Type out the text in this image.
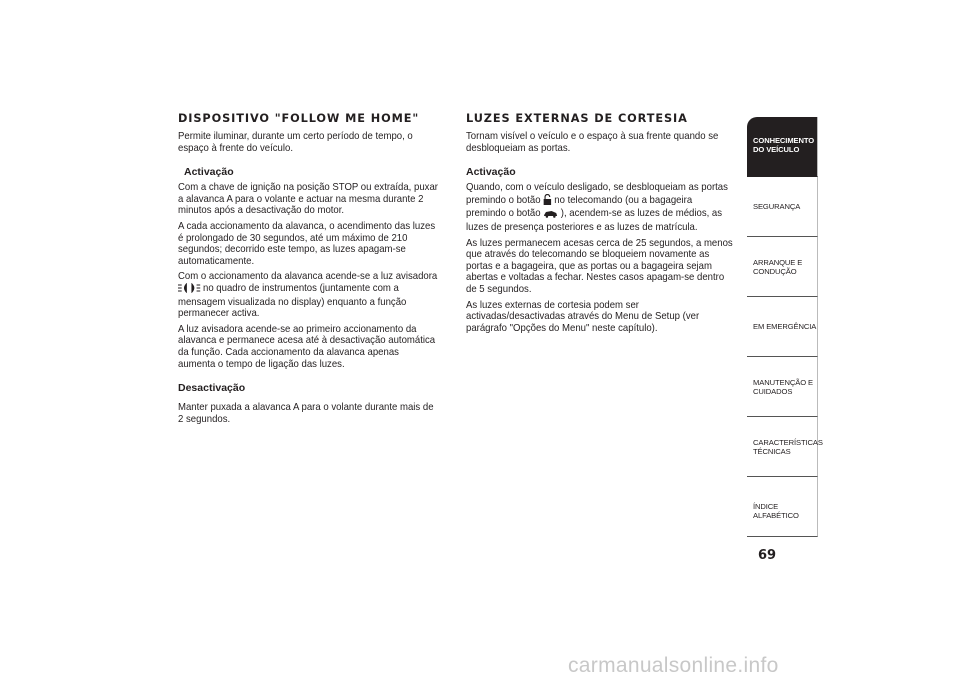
DISPOSITIVO "FOLLOW ME HOME"

Permite iluminar, durante um certo período de tempo, o espaço à frente do veículo.

Activação

Com a chave de ignição na posição STOP ou extraída, puxar a alavanca A para o volante e actuar na mesma durante 2 minutos após a desactivação do motor.

A cada accionamento da alavanca, o acendimento das luzes é prolongado de 30 segundos, até um máximo de 210 segundos; decorrido este tempo, as luzes apagam-se automaticamente.

Com o accionamento da alavanca acende-se a luz avisadora  no quadro de instrumentos (juntamente com a mensagem visualizada no display) enquanto a função permanecer activa.

A luz avisadora acende-se ao primeiro accionamento da alavanca e permanece acesa até à desactivação automática da função. Cada accionamento da alavanca apenas aumenta o tempo de ligação das luzes.

Desactivação

Manter puxada a alavanca A para o volante durante mais de 2 segundos.

LUZES EXTERNAS DE CORTESIA

Tornam visível o veículo e o espaço à sua frente quando se desbloqueiam as portas.

Activação

Quando, com o veículo desligado, se desbloqueiam as portas premindo o botão no telecomando (ou a bagageira premindo o botão ), acendem-se as luzes de médios, as luzes de presença posteriores e as luzes de matrícula.

As luzes permanecem acesas cerca de 25 segundos, a menos que através do telecomando se bloqueiem novamente as portas e a bagageira, que as portas ou a bagageira sejam abertas e voltadas a fechar. Nestes casos apagam-se dentro de 5 segundos.

As luzes externas de cortesia podem ser activadas/desactivadas através do Menu de Setup (ver parágrafo "Opções do Menu" neste capítulo).

CONHECIMENTO DO VEÍCULO
SEGURANÇA
ARRANQUE E CONDUÇÃO
EM EMERGÊNCIA
MANUTENÇÃO E CUIDADOS
CARACTERÍSTICAS TÉCNICAS
ÍNDICE ALFABÉTICO
69
carmanualsonline.info
